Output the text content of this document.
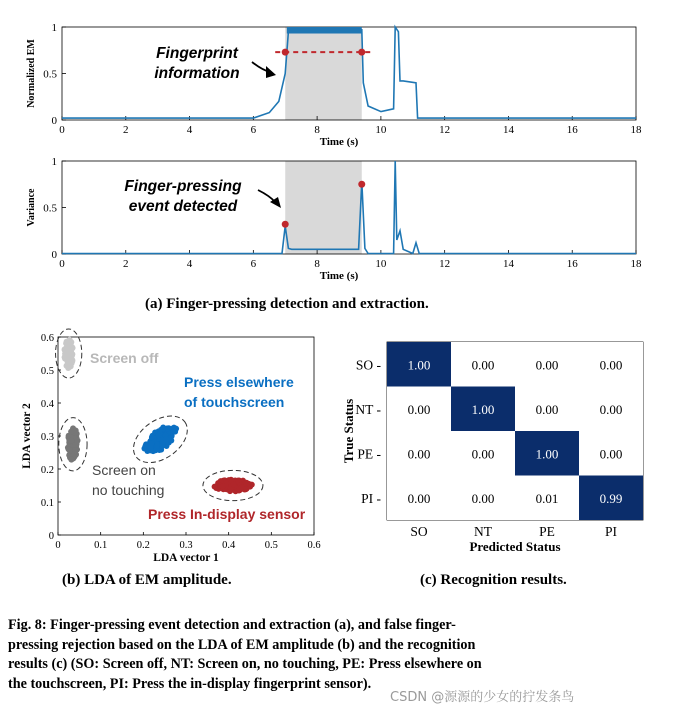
0	2	4	6	8	10	12	14	16	18
0
0.5
1
Time (s)
Normalized EM	Fingerprint
information
0	2	4	6	8	10	12	14	16	18
0
0.5
1
Time (s)
Variance
Finger-pressing
event detected
(a) Finger-pressing detection and extraction.
0	0.1	0.2	0.3	0.4	0.5	0.6
0
0.1
0.2
0.3
0.4
0.5
0.6
LDA vector 1
LDA vector 2
Screen off
Press elsewhere
of touchscreen
Screen on
no touching
Press In-display sensor
(b) LDA of EM amplitude.
1.00	0.00	0.00	0.00
SO -
0.00	1.00	0.00	0.00
NT -
0.00	0.00	1.00	0.00
PE -
0.00	0.00	0.01	0.99
PI -
SO	NT	PE	PI
Predicted Status
True Status
(c) Recognition results.
Fig. 8: Finger-pressing event detection and extraction (a), and false finger-
pressing rejection based on the LDA of EM amplitude (b) and the recognition
results (c) (SO: Screen off, NT: Screen on, no touching, PE: Press elsewhere on
the touchscreen, PI: Press the in-display fingerprint sensor).
CSDN @源源的少女的拧发条鸟
